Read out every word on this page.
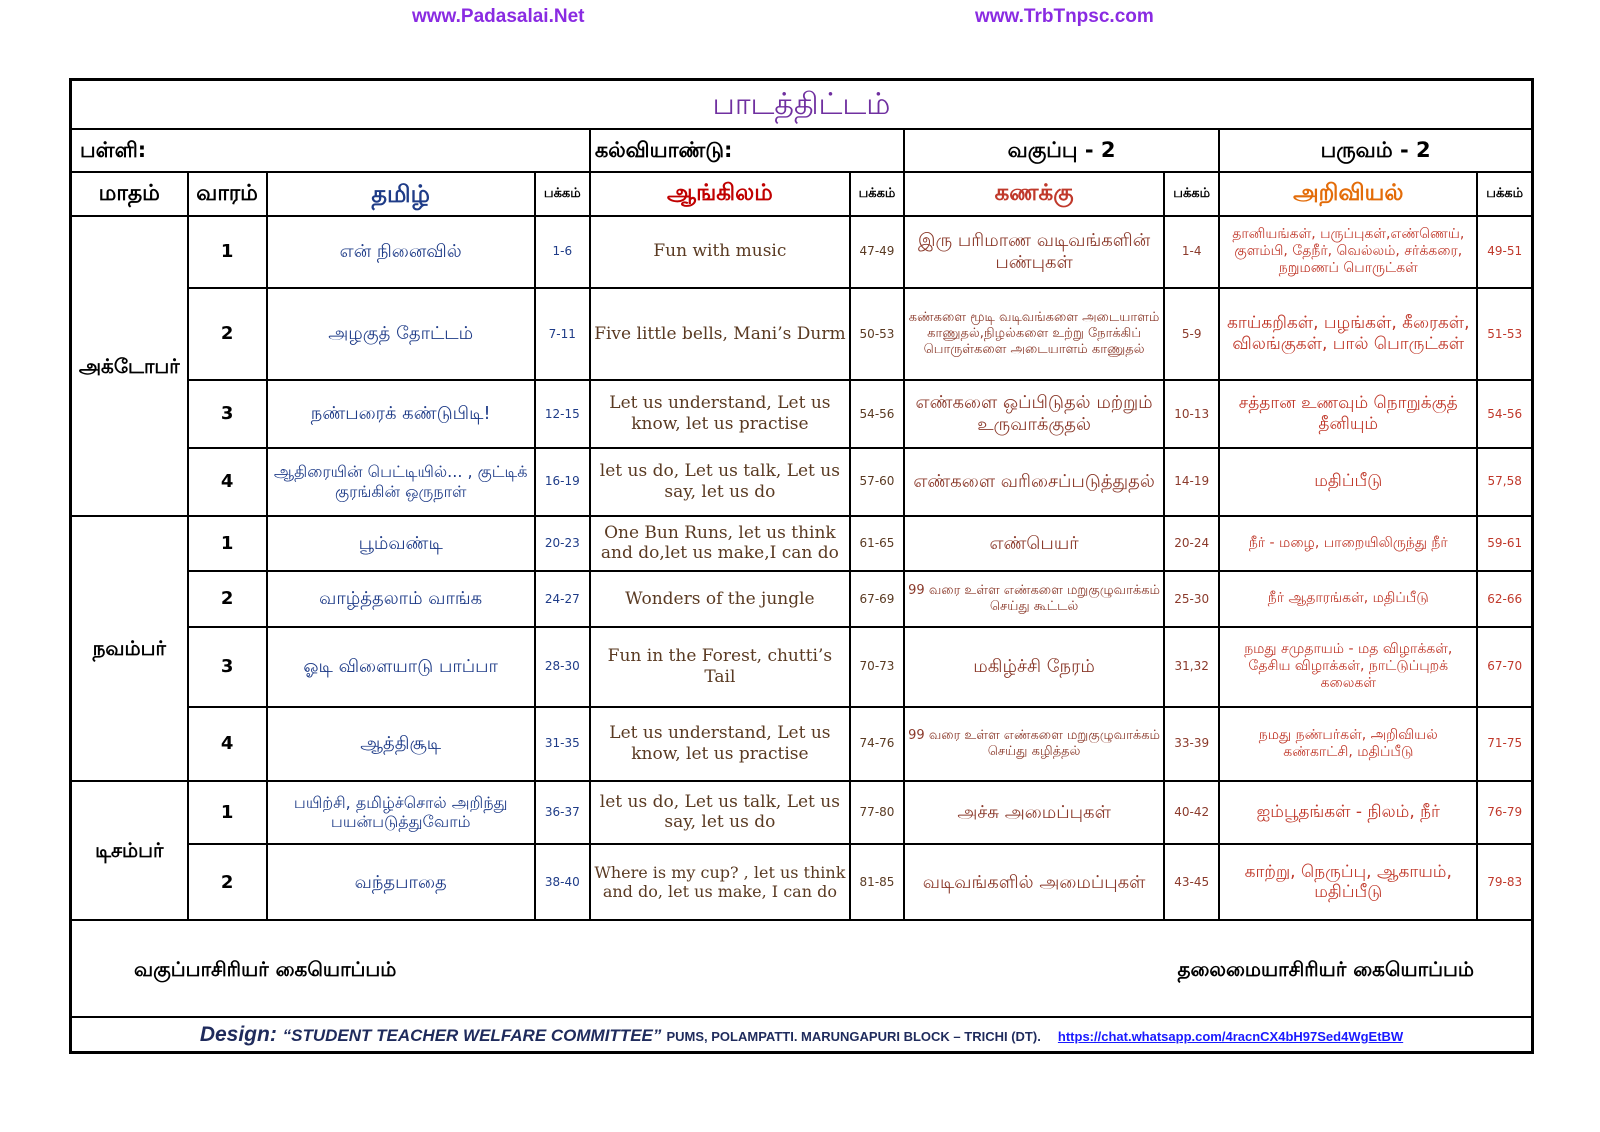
www.Padasalai.Net	www.TrbTnpsc.com
பாடத்திட்டம்									
பள்ளி:				கல்வியாண்டு:		வகுப்பு - 2		பருவம் - 2	
மாதம்	வாரம்	தமிழ்	பக்கம்	ஆங்கிலம்	பக்கம்	கணக்கு	பக்கம்	அறிவியல்	பக்கம்
அக்டோபர்	1	என் நினைவில்	1-6	Fun with music	47-49	இரு பரிமாண வடிவங்களின் பண்புகள்	1-4	தானியங்கள், பருப்புகள்,எண்ணெய், குளம்பி, தேநீர், வெல்லம், சர்க்கரை, நறுமணப் பொருட்கள்	49-51
	2	அழகுத் தோட்டம்	7-11	Five little bells, Mani’s Durm	50-53	கண்களை மூடி வடிவங்களை அடையாளம் காணுதல்,நிழல்களை உற்று நோக்கிப் பொருள்களை அடையாளம் காணுதல்	5-9	காய்கறிகள், பழங்கள், கீரைகள், விலங்குகள், பால் பொருட்கள்	51-53
	3	நண்பரைக் கண்டுபிடி!	12-15	Let us understand, Let us know, let us practise	54-56	எண்களை ஒப்பிடுதல் மற்றும் உருவாக்குதல்	10-13	சத்தான உணவும் நொறுக்குத் தீனியும்	54-56
	4	ஆதிரையின் பெட்டியில்... , குட்டிக் குரங்கின் ஒருநாள்	16-19	let us do, Let us talk, Let us say, let us do	57-60	எண்களை வரிசைப்படுத்துதல்	14-19	மதிப்பீடு	57,58
நவம்பர்	1	பூம்வண்டி	20-23	One Bun Runs, let us think and do,let us make,I can do	61-65	எண்பெயர்	20-24	நீர் - மழை, பாறையிலிருந்து நீர்	59-61
	2	வாழ்த்தலாம் வாங்க	24-27	Wonders of the jungle	67-69	99 வரை உள்ள எண்களை மறுகுழுவாக்கம் செய்து கூட்டல்	25-30	நீர் ஆதாரங்கள், மதிப்பீடு	62-66
	3	ஓடி விளையாடு பாப்பா	28-30	Fun in the Forest, chutti’s Tail	70-73	மகிழ்ச்சி நேரம்	31,32	நமது சமுதாயம் - மத விழாக்கள், தேசிய விழாக்கள், நாட்டுப்புறக் கலைகள்	67-70
	4	ஆத்திசூடி	31-35	Let us understand, Let us know, let us practise	74-76	99 வரை உள்ள எண்களை மறுகுழுவாக்கம் செய்து கழித்தல்	33-39	நமது நண்பர்கள், அறிவியல் கண்காட்சி, மதிப்பீடு	71-75
டிசம்பர்	1	பயிற்சி, தமிழ்ச்சொல் அறிந்து பயன்படுத்துவோம்	36-37	let us do, Let us talk, Let us say, let us do	77-80	அச்சு அமைப்புகள்	40-42	ஐம்பூதங்கள் - நிலம், நீர்	76-79
	2	வந்தபாதை	38-40	Where is my cup? , let us think and do, let us make, I can do	81-85	வடிவங்களில் அமைப்புகள்	43-45	காற்று, நெருப்பு, ஆகாயம், மதிப்பீடு	79-83

வகுப்பாசிரியர் கையொப்பம் தலைமையாசிரியர் கையொப்பம்									

Design: “STUDENT TEACHER WELFARE COMMITTEE” PUMS, POLAMPATTI. MARUNGAPURI BLOCK – TRICHI (DT). https://chat.whatsapp.com/4racnCX4bH97Sed4WgEtBW									
